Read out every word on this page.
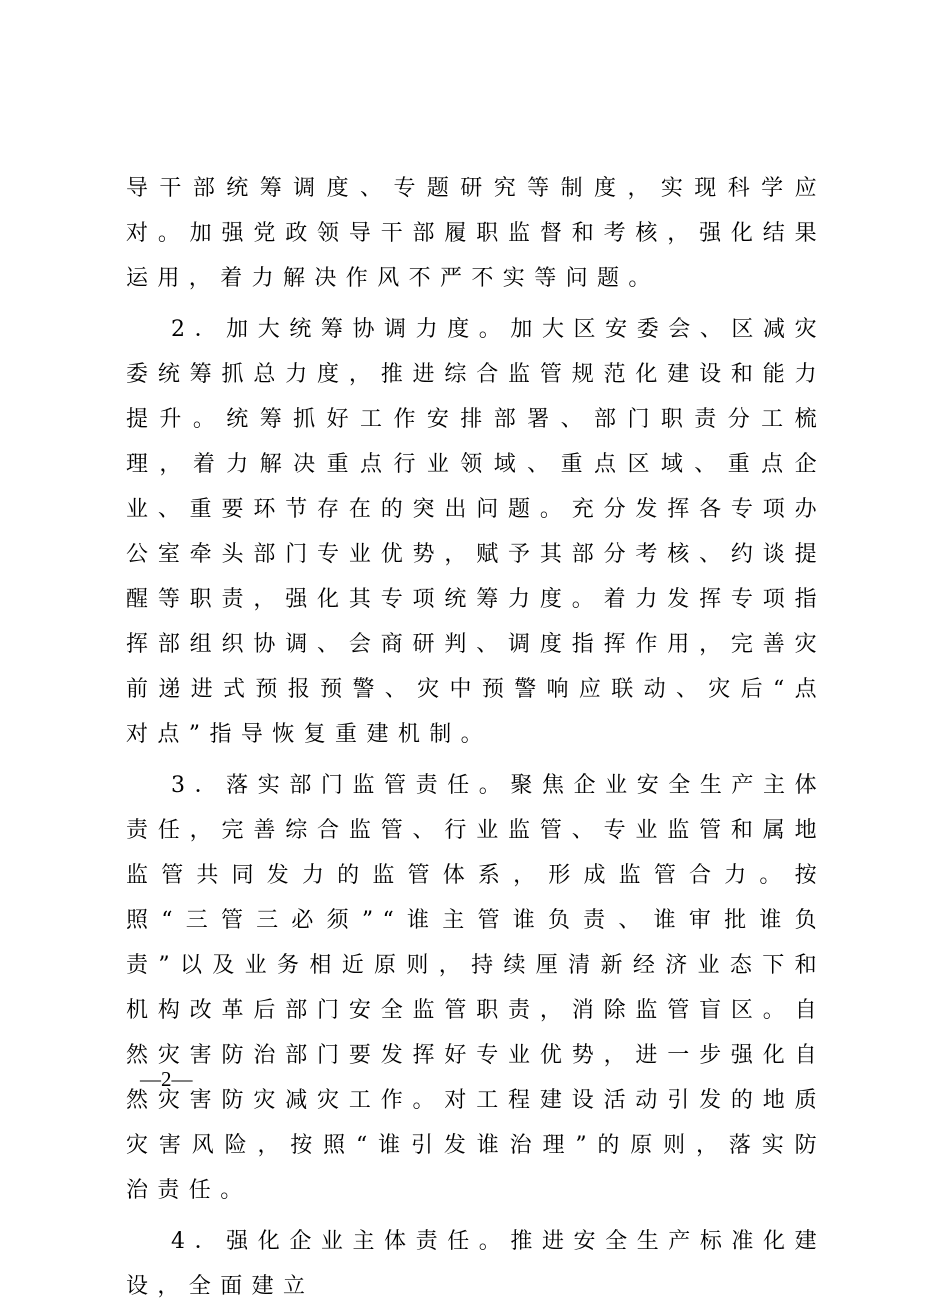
导干部统筹调度、专题研究等制度，实现科学应对。加强党政领导干部履职监督和考核，强化结果运用，着力解决作风不严不实等问题。

2．加大统筹协调力度。加大区安委会、区减灾委统筹抓总力度，推进综合监管规范化建设和能力提升。统筹抓好工作安排部署、部门职责分工梳理，着力解决重点行业领域、重点区域、重点企业、重要环节存在的突出问题。充分发挥各专项办公室牵头部门专业优势，赋予其部分考核、约谈提醒等职责，强化其专项统筹力度。着力发挥专项指挥部组织协调、会商研判、调度指挥作用，完善灾前递进式预报预警、灾中预警响应联动、灾后“点对点”指导恢复重建机制。

3．落实部门监管责任。聚焦企业安全生产主体责任，完善综合监管、行业监管、专业监管和属地监管共同发力的监管体系，形成监管合力。按照“三管三必须”“谁主管谁负责、谁审批谁负责”以及业务相近原则，持续厘清新经济业态下和机构改革后部门安全监管职责，消除监管盲区。自然灾害防治部门要发挥好专业优势，进一步强化自然灾害防灾减灾工作。对工程建设活动引发的地质灾害风险，按照“谁引发谁治理”的原则，落实防治责任。

4．强化企业主体责任。推进安全生产标准化建设，全面建立

—2—
